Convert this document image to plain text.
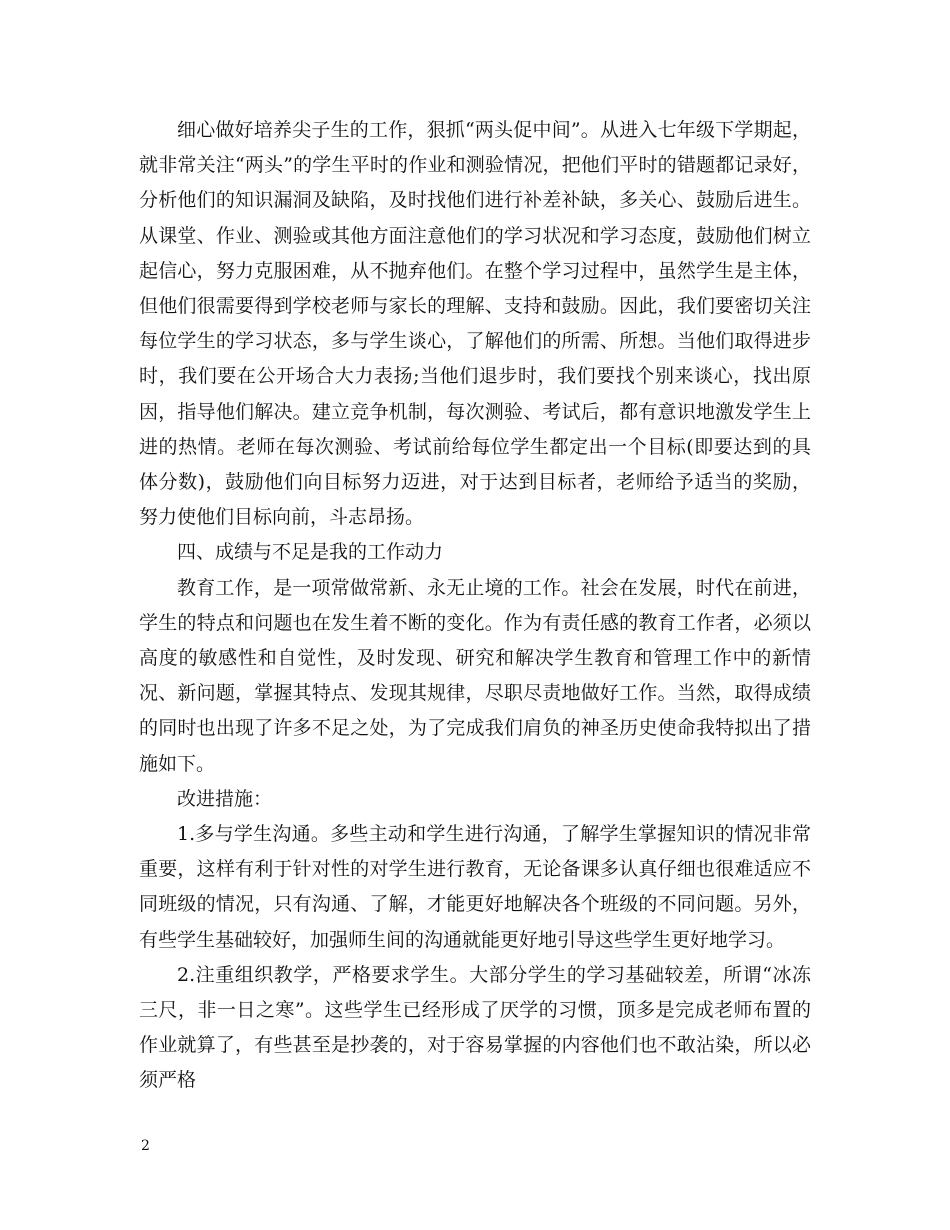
细心做好培养尖子生的工作，狠抓“两头促中间”。从进入七年级下学期起，就非常关注“两头”的学生平时的作业和测验情况，把他们平时的错题都记录好，分析他们的知识漏洞及缺陷，及时找他们进行补差补缺，多关心、鼓励后进生。从课堂、作业、测验或其他方面注意他们的学习状况和学习态度，鼓励他们树立起信心，努力克服困难，从不抛弃他们。在整个学习过程中，虽然学生是主体，但他们很需要得到学校老师与家长的理解、支持和鼓励。因此，我们要密切关注每位学生的学习状态，多与学生谈心，了解他们的所需、所想。当他们取得进步时，我们要在公开场合大力表扬;当他们退步时，我们要找个别来谈心，找出原因，指导他们解决。建立竞争机制，每次测验、考试后，都有意识地激发学生上进的热情。老师在每次测验、考试前给每位学生都定出一个目标(即要达到的具体分数)，鼓励他们向目标努力迈进，对于达到目标者，老师给予适当的奖励，努力使他们目标向前，斗志昂扬。

四、成绩与不足是我的工作动力

教育工作，是一项常做常新、永无止境的工作。社会在发展，时代在前进，学生的特点和问题也在发生着不断的变化。作为有责任感的教育工作者，必须以高度的敏感性和自觉性，及时发现、研究和解决学生教育和管理工作中的新情况、新问题，掌握其特点、发现其规律，尽职尽责地做好工作。当然，取得成绩的同时也出现了许多不足之处，为了完成我们肩负的神圣历史使命我特拟出了措施如下。

改进措施：

1.多与学生沟通。多些主动和学生进行沟通，了解学生掌握知识的情况非常重要，这样有利于针对性的对学生进行教育，无论备课多认真仔细也很难适应不同班级的情况，只有沟通、了解，才能更好地解决各个班级的不同问题。另外，有些学生基础较好，加强师生间的沟通就能更好地引导这些学生更好地学习。

2.注重组织教学，严格要求学生。大部分学生的学习基础较差，所谓“冰冻三尺，非一日之寒”。这些学生已经形成了厌学的习惯，顶多是完成老师布置的作业就算了，有些甚至是抄袭的，对于容易掌握的内容他们也不敢沾染，所以必须严格

2
